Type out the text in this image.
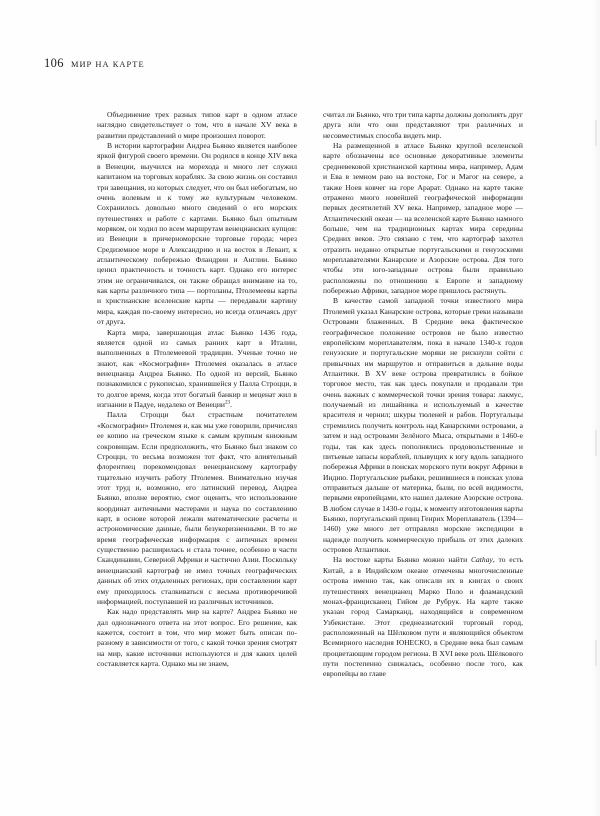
106 МИР НА КАРТЕ

Объединение трех разных типов карт в одном атласе наглядно свидетельствует о том, что в начале XV века в развитии представлений о мире произошел поворот.

В истории картографии Андреа Бьянко является наиболее яркой фигурой своего времени. Он родился в конце XIV века в Венеции, выучился на морехода и много лет служил капитаном на торговых кораблях. За свою жизнь он составил три завещания, из которых следует, что он был небогатым, но очень волевым и к тому же культурным человеком. Сохранилось довольно много сведений о его морских путешествиях и работе с картами. Бьянко был опытным моряком, он ходил по всем маршрутам венецианских купцов: из Венеции в причерноморские торговые города; через Средиземное море в Александрию и на восток в Левант, к атлантическому побережью Фландрии и Англии. Бьянко ценил практичность и точность карт. Однако его интерес этим не ограничивался, он также обращал внимание на то, как карты различного типа — портоланы, Птолемеевы карты и христианские вселенские карты — передавали картину мира, каждая по-своему интересно, но всегда отличаясь друг от друга.

Карта мира, завершающая атлас Бьянко 1436 года, является одной из самых ранних карт в Италии, выполненных в Птолемеевой традиции. Ученые точно не знают, как «Космография» Птолемея оказалась в атласе венецианца Андреа Бьянко. По одной из версий, Бьянко познакомился с рукописью, хранившейся у Палла Строцци, в то долгое время, когда этот богатый банкир и меценат жил в изгнании в Падуе, недалеко от Венеции$^{23}$.

Палла Строцци был страстным почитателем «Космографии» Птолемея и, как мы уже говорили, причислял ее копию на греческом языке к самым крупным книжным сокровищам. Если предположить, что Бьянко был знаком со Строцци, то весьма возможен тот факт, что влиятельный флорентиец порекомендовал венецианскому картографу тщательно изучить работу Птолемея. Внимательно изучая этот труд и, возможно, его латинский перевод, Андреа Бьянко, вполне вероятно, смог оценить, что использование координат античными мастерами и наука по составлению карт, в основе которой лежали математические расчеты и астрономические данные, были безукоризненными. В то же время географическая информация с античных времен существенно расширилась и стала точнее, особенно в части Скандинавии, Северной Африки и частично Азии. Поскольку венецианский картограф не имел точных географических данных об этих отдаленных регионах, при составлении карт ему приходилось сталкиваться с весьма противоречивой информацией, поступавшей из различных источников.

Как надо представлять мир на карте? Андреа Бьянко не дал однозначного ответа на этот вопрос. Его решение, как кажется, состоит в том, что мир может быть описан по-разному в зависимости от того, с какой точки зрения смотрят на мир, какие источники используются и для каких целей составляется карта. Однако мы не знаем,

считал ли Бьянко, что три типа карты должны дополнять друг друга или что они представляют три различных и несовместимых способа видеть мир.

На размещенной в атласе Бьянко круглой вселенской карте обозначены все основные декоративные элементы средневековой христианской картины мира, например, Адам и Ева в земном раю на востоке, Гог и Магог на севере, а также Ноев ковчег на горе Арарат. Однако на карте также отражено много новейшей географической информации первых десятилетий XV века. Например, западное море — Атлантический океан — на вселенской карте Бьянко намного больше, чем на традиционных картах мира середины Средних веков. Это связано с тем, что картограф захотел отразить недавно открытые португальскими и генуэзскими мореплавателями Канарские и Азорские острова. Для того чтобы эти юго-западные острова были правильно расположены по отношению к Европе и западному побережью Африки, западное море пришлось растянуть.

В качестве самой западной точки известного мира Птолемей указал Канарские острова, которые греки называли Островами блаженных. В Средние века фактическое географическое положение островов не было известно европейским мореплавателям, пока в начале 1340-х годов генуэзские и португальские моряки не рискнули сойти с привычных им маршрутов и отправиться в дальние воды Атлантики. В XV веке острова превратились в бойкое торговое место, так как здесь покупали и продавали три очень важных с коммерческой точки зрения товара: лакмус, получаемый из лишайника и используемый в качестве красителя и чернил; шкуры тюленей и рабов. Португальцы стремились получить контроль над Канарскими островами, а затем и над островами Зелёного Мыса, открытыми в 1460-е годы, так как здесь пополнялись продовольственные и питьевые запасы кораблей, плывущих к югу вдоль западного побережья Африки в поисках морского пути вокруг Африки в Индию. Португальские рыбаки, решившиеся в поисках улова отправиться дальше от материка, были, по всей видимости, первыми европейцами, кто нашел далекие Азорские острова. В любом случае в 1430-е годы, к моменту изготовления карты Бьянко, португальский принц Генрих Мореплаватель (1394—1460) уже много лет отправлял морские экспедиции в надежде получить коммерческую прибыль от этих далеких островов Атлантики.

На востоке карты Бьянко можно найти Cathay, то есть Китай, а в Индийском океане отмечены многочисленные острова именно так, как описали их в книгах о своих путешествиях венецианец Марко Поло и фламандский монах-францисканец Гийом де Рубрук. На карте также указан город Самарканд, находящийся в современном Узбекистане. Этот среднеазиатский торговый город, расположенный на Шёлковом пути и являющийся объектом Всемирного наследия ЮНЕСКО, в Средние века был самым процветающим городом региона. В XVI веке роль Шёлкового пути постепенно снижалась, особенно после того, как европейцы во главе
